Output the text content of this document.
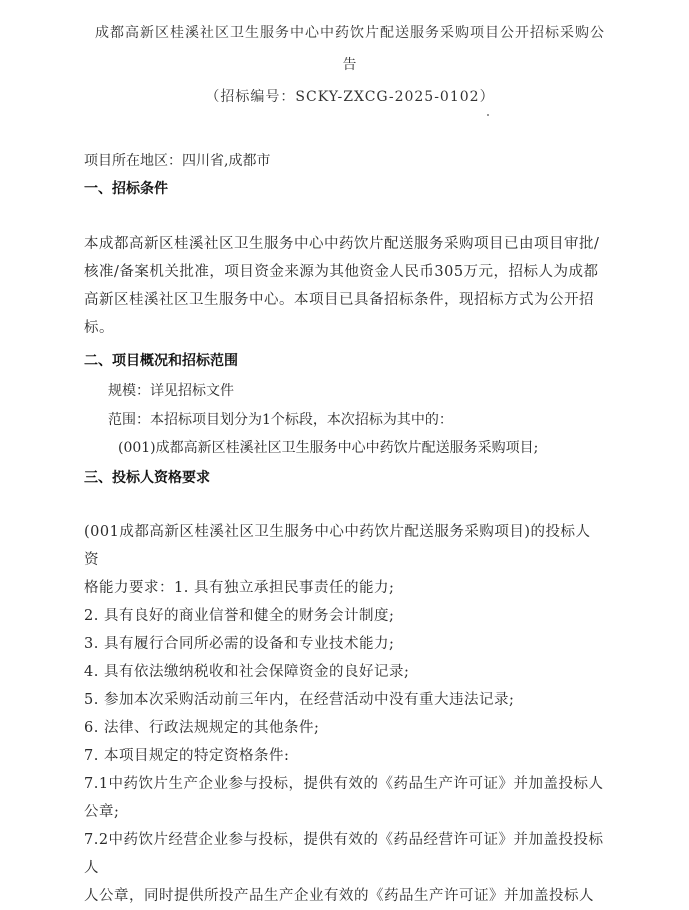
成都高新区桂溪社区卫生服务中心中药饮片配送服务采购项目公开招标采购公
告
（招标编号：SCKY-ZXCG-2025-0102）
项目所在地区：四川省,成都市
一、招标条件
本成都高新区桂溪社区卫生服务中心中药饮片配送服务采购项目已由项目审批/
核准/备案机关批准，项目资金来源为其他资金人民币305万元，招标人为成都
高新区桂溪社区卫生服务中心。本项目已具备招标条件，现招标方式为公开招
标。
二、项目概况和招标范围
规模：详见招标文件
范围：本招标项目划分为1个标段，本次招标为其中的：
(001)成都高新区桂溪社区卫生服务中心中药饮片配送服务采购项目;
三、投标人资格要求
(001成都高新区桂溪社区卫生服务中心中药饮片配送服务采购项目)的投标人资
格能力要求：1. 具有独立承担民事责任的能力;
2. 具有良好的商业信誉和健全的财务会计制度;
3. 具有履行合同所必需的设备和专业技术能力;
4. 具有依法缴纳税收和社会保障资金的良好记录;
5. 参加本次采购活动前三年内，在经营活动中没有重大违法记录;
6. 法律、行政法规规定的其他条件;
7. 本项目规定的特定资格条件:
7.1中药饮片生产企业参与投标，提供有效的《药品生产许可证》并加盖投标人
公章;
7.2中药饮片经营企业参与投标，提供有效的《药品经营许可证》并加盖投投标人
人公章，同时提供所投产品生产企业有效的《药品生产许可证》并加盖投标人
